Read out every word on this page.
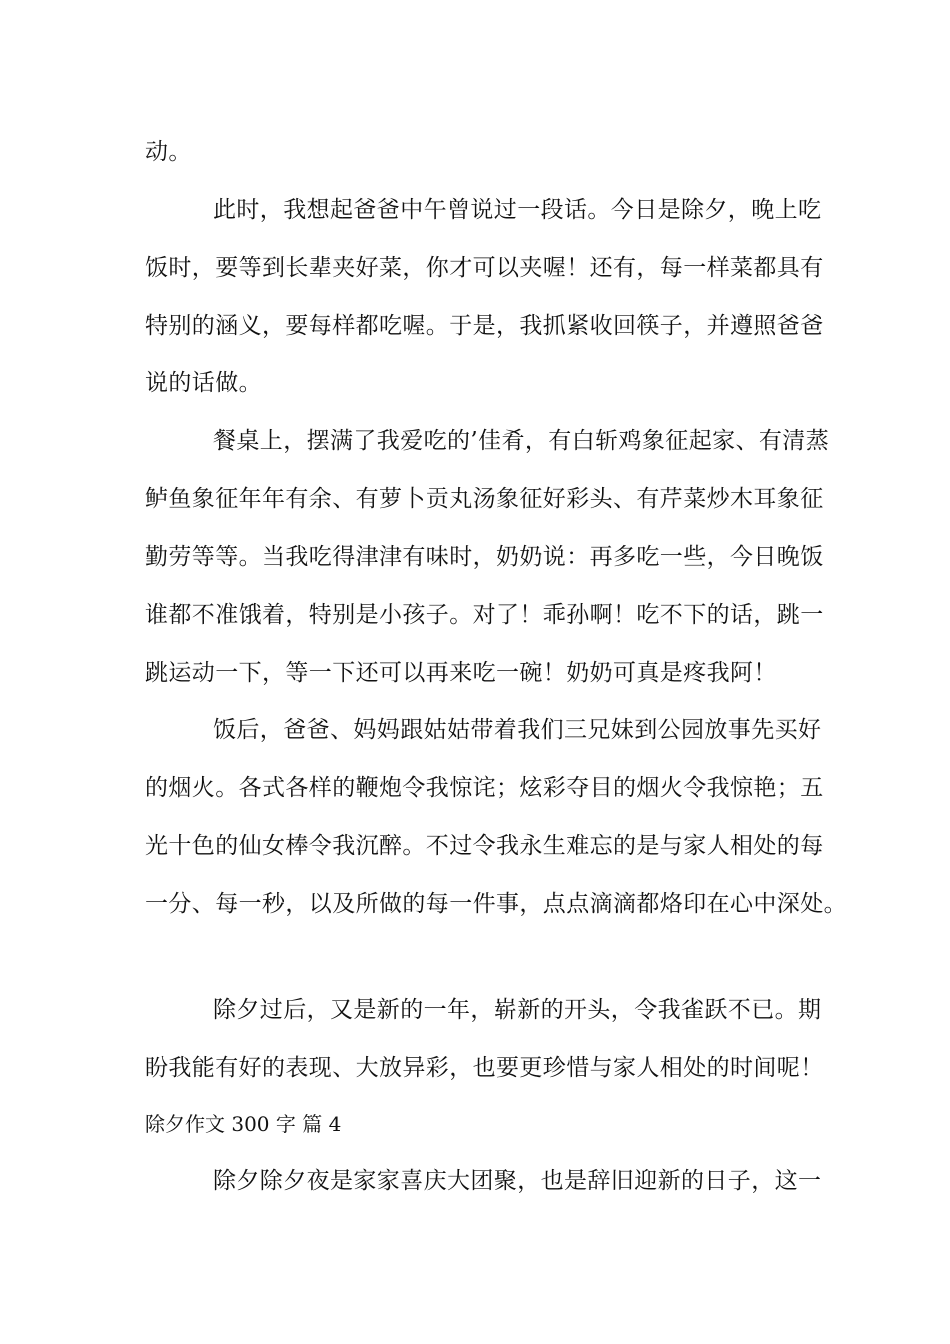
动。
此时，我想起爸爸中午曾说过一段话。今日是除夕，晚上吃
饭时，要等到长辈夹好菜，你才可以夹喔！还有，每一样菜都具有
特别的涵义，要每样都吃喔。于是，我抓紧收回筷子，并遵照爸爸
说的话做。
餐桌上，摆满了我爱吃的’佳肴，有白斩鸡象征起家、有清蒸
鲈鱼象征年年有余、有萝卜贡丸汤象征好彩头、有芹菜炒木耳象征
勤劳等等。当我吃得津津有味时，奶奶说：再多吃一些，今日晚饭
谁都不准饿着，特别是小孩子。对了！乖孙啊！吃不下的话，跳一
跳运动一下，等一下还可以再来吃一碗！奶奶可真是疼我阿！
饭后，爸爸、妈妈跟姑姑带着我们三兄妹到公园放事先买好
的烟火。各式各样的鞭炮令我惊诧；炫彩夺目的烟火令我惊艳；五
光十色的仙女棒令我沉醉。不过令我永生难忘的是与家人相处的每
一分、每一秒，以及所做的每一件事，点点滴滴都烙印在心中深处。
除夕过后，又是新的一年，崭新的开头，令我雀跃不已。期
盼我能有好的表现、大放异彩，也要更珍惜与家人相处的时间呢！
除夕作文 300 字 篇 4
除夕除夕夜是家家喜庆大团聚，也是辞旧迎新的日子，这一
